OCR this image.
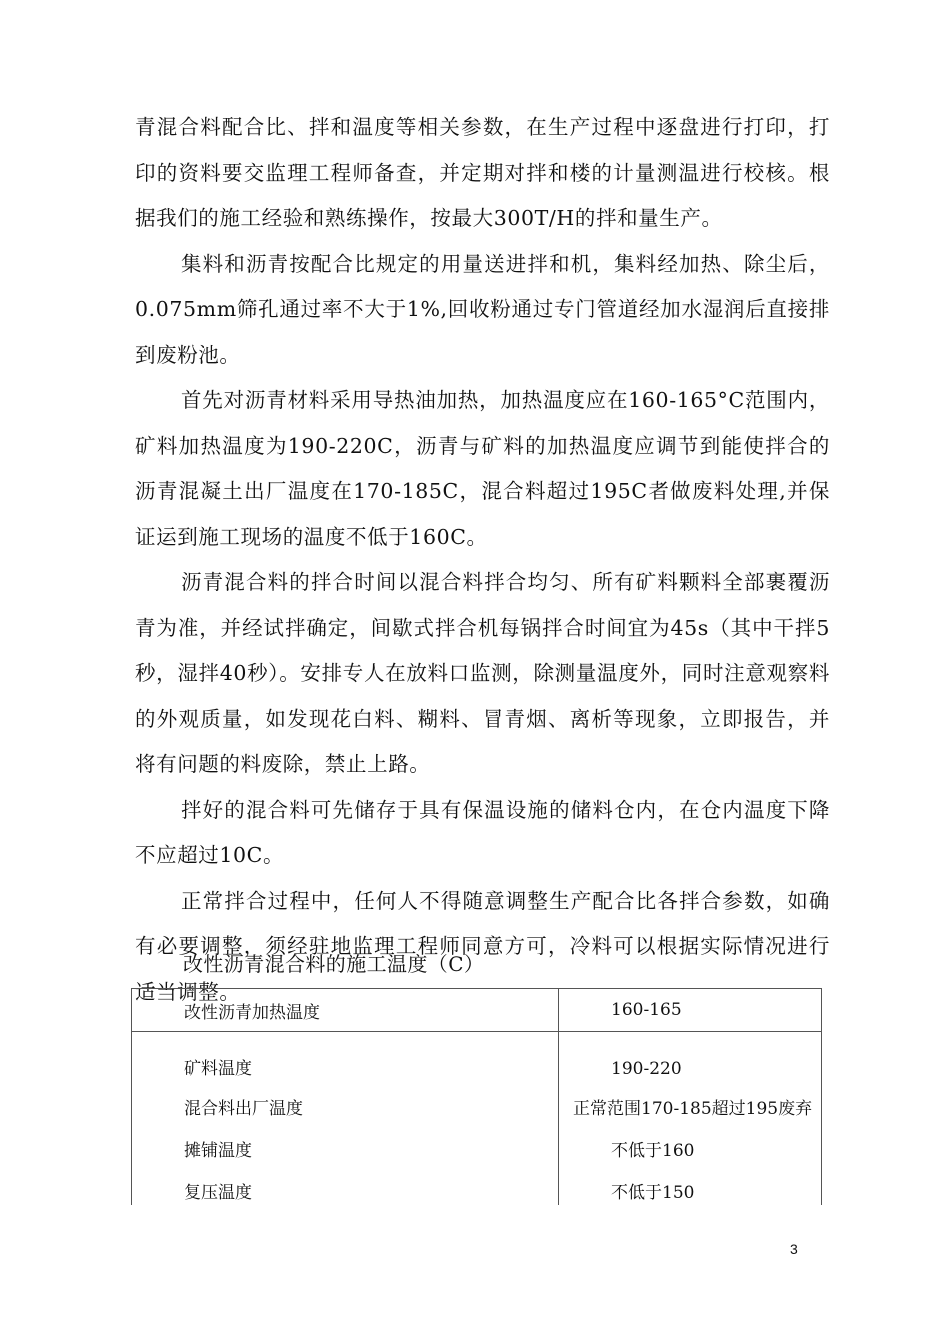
青混合料配合比、拌和温度等相关参数，在生产过程中逐盘进行打印，打印的资料要交监理工程师备查，并定期对拌和楼的计量测温进行校核。根据我们的施工经验和熟练操作，按最大300T/H的拌和量生产。

集料和沥青按配合比规定的用量送进拌和机，集料经加热、除尘后，0.075mm筛孔通过率不大于1%,回收粉通过专门管道经加水湿润后直接排到废粉池。

首先对沥青材料采用导热油加热，加热温度应在160-165°C范围内，矿料加热温度为190-220C，沥青与矿料的加热温度应调节到能使拌合的沥青混凝土出厂温度在170-185C，混合料超过195C者做废料处理,并保证运到施工现场的温度不低于160C。

沥青混合料的拌合时间以混合料拌合均匀、所有矿料颗料全部裹覆沥青为准，并经试拌确定，间歇式拌合机每锅拌合时间宜为45s（其中干拌5秒，湿拌40秒）。安排专人在放料口监测，除测量温度外，同时注意观察料的外观质量，如发现花白料、糊料、冒青烟、离析等现象，立即报告，并将有问题的料废除，禁止上路。

拌好的混合料可先储存于具有保温设施的储料仓内，在仓内温度下降不应超过10C。

正常拌合过程中，任何人不得随意调整生产配合比各拌合参数，如确有必要调整，须经驻地监理工程师同意方可，冷料可以根据实际情况进行适当调整。

改性沥青混合料的施工温度（C）
改性沥青加热温度	160-165
矿料温度	190-220
混合料出厂温度	正常范围170-185超过195废弃
摊铺温度	不低于160
复压温度	不低于150
3
